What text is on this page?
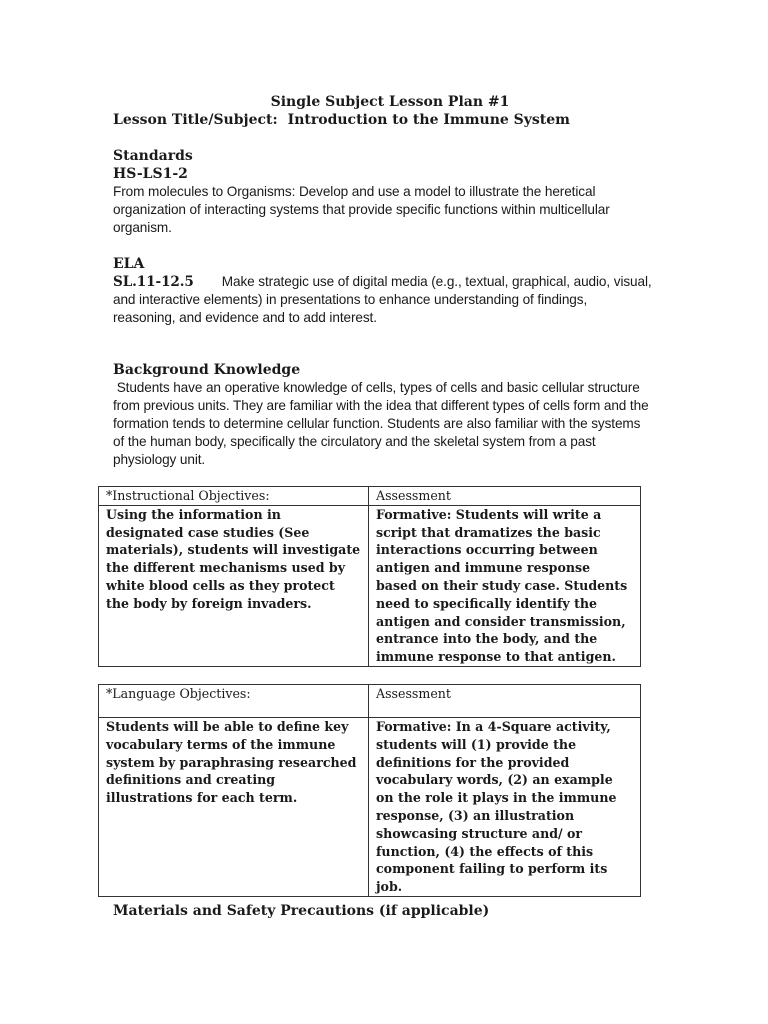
Single Subject Lesson Plan #1
Lesson Title/Subject: Introduction to the Immune System

Standards

HS-LS1-2

From molecules to Organisms: Develop and use a model to illustrate the heretical organization of interacting systems that provide specific functions within multicellular organism.

ELA

SL.11-12.5 Make strategic use of digital media (e.g., textual, graphical, audio, visual, and interactive elements) in presentations to enhance understanding of findings, reasoning, and evidence and to add interest.

Background Knowledge

Students have an operative knowledge of cells, types of cells and basic cellular structure from previous units. They are familiar with the idea that different types of cells form and the formation tends to determine cellular function. Students are also familiar with the systems of the human body, specifically the circulatory and the skeletal system from a past physiology unit.

*Instructional Objectives:	Assessment
Using the information in designated case studies (See materials), students will investigate the different mechanisms used by white blood cells as they protect the body by foreign invaders.	Formative: Students will write a script that dramatizes the basic interactions occurring between antigen and immune response based on their study case. Students need to specifically identify the antigen and consider transmission, entrance into the body, and the immune response to that antigen.
*Language Objectives:	Assessment
Students will be able to define key vocabulary terms of the immune system by paraphrasing researched definitions and creating illustrations for each term.	Formative: In a 4-Square activity, students will (1) provide the definitions for the provided vocabulary words, (2) an example on the role it plays in the immune response, (3) an illustration showcasing structure and/ or function, (4) the effects of this component failing to perform its job.
Materials and Safety Precautions (if applicable)
